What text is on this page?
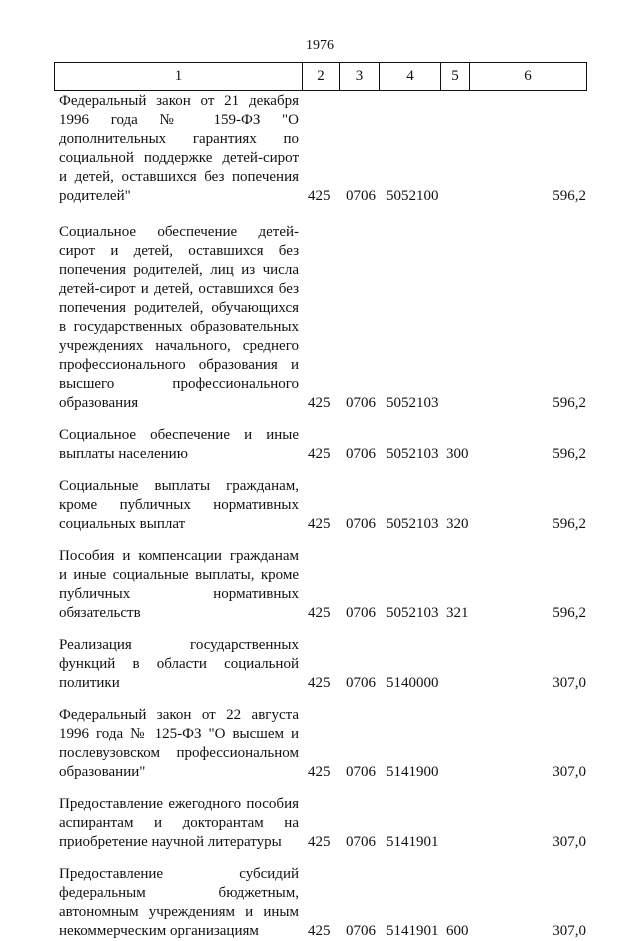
1976
1	2	3	4	5	6
Федеральный закон от 21 декабря
1996 года № 159-ФЗ "О
дополнительных гарантиях по
социальной поддержке детей-сирот
и детей, оставшихся без попечения
родителей"	425 0706 5052100	596,2
Социальное обеспечение детей-
сирот и детей, оставшихся без
попечения родителей, лиц из числа
детей-сирот и детей, оставшихся без
попечения родителей, обучающихся
в государственных образовательных
учреждениях начального, среднего
профессионального образования и
высшего профессионального
образования	425 0706 5052103	596,2
Социальное обеспечение и иные
выплаты населению	425 0706 5052103 300	596,2
Социальные выплаты гражданам,
кроме публичных нормативных
социальных выплат	425 0706 5052103 320	596,2
Пособия и компенсации гражданам
и иные социальные выплаты, кроме
публичных нормативных
обязательств	425 0706 5052103 321	596,2
Реализация государственных
функций в области социальной
политики	425 0706 5140000	307,0
Федеральный закон от 22 августа
1996 года № 125-ФЗ "О высшем и
послевузовском профессиональном
образовании"	425 0706 5141900	307,0
Предоставление ежегодного пособия
аспирантам и докторантам на
приобретение научной литературы	425 0706 5141901	307,0
Предоставление субсидий
федеральным бюджетным,
автономным учреждениям и иным
некоммерческим организациям	425 0706 5141901 600	307,0
